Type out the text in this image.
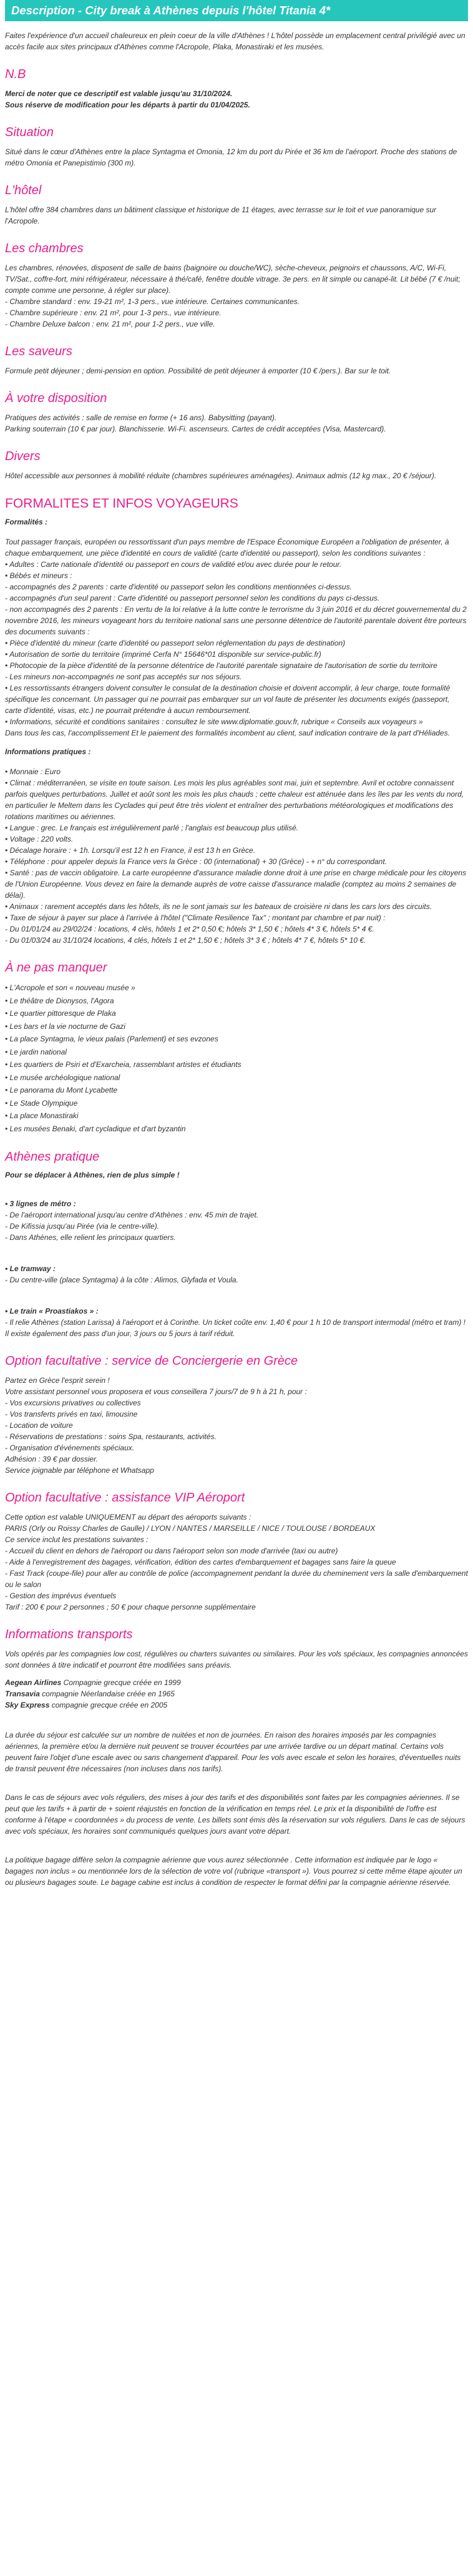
Description - City break à Athènes depuis l'hôtel Titania 4*

Faites l'expérience d'un accueil chaleureux en plein coeur de la ville d'Athènes ! L'hôtel possède un emplacement central privilégié avec un accès facile aux sites principaux d'Athènes comme l'Acropole, Plaka, Monastiraki et les musées.

N.B
Merci de noter que ce descriptif est valable jusqu'au 31/10/2024.
Sous réserve de modification pour les départs à partir du 01/04/2025.
Situation

Situé dans le cœur d'Athènes entre la place Syntagma et Omonia, 12 km du port du Pirée et 36 km de l'aéroport. Proche des stations de métro Omonia et Panepistimio (300 m).

L'hôtel

L'hôtel offre 384 chambres dans un bâtiment classique et historique de 11 étages, avec terrasse sur le toit et vue panoramique sur l'Acropole.

Les chambres
Les chambres, rénovées, disposent de salle de bains (baignoire ou douche/WC), sèche-cheveux, peignoirs et chaussons, A/C, Wi-Fi, TV/Sat., coffre-fort, mini réfrigérateur, nécessaire à thé/café, fenêtre double vitrage. 3e pers. en lit simple ou canapé-lit. Lit bébé (7 € /nuit; compte comme une personne, à régler sur place).
- Chambre standard : env. 19-21 m², 1-3 pers., vue intérieure. Certaines communicantes.
- Chambre supérieure : env. 21 m², pour 1-3 pers., vue intérieure.
- Chambre Deluxe balcon : env. 21 m², pour 1-2 pers., vue ville.
Les saveurs

Formule petit déjeuner ; demi-pension en option. Possibilité de petit déjeuner à emporter (10 € /pers.). Bar sur le toit.

À votre disposition
Pratiques des activités : salle de remise en forme (+ 16 ans). Babysitting (payant).
Parking souterrain (10 € par jour). Blanchisserie. Wi-Fi. ascenseurs. Cartes de crédit acceptées (Visa, Mastercard).
Divers

Hôtel accessible aux personnes à mobilité réduite (chambres supérieures aménagées). Animaux admis (12 kg max., 20 € /séjour).

FORMALITES ET INFOS VOYAGEURS
Formalités :
Tout passager français, européen ou ressortissant d'un pays membre de l'Espace Économique Européen a l'obligation de présenter, à chaque embarquement, une pièce d'identité en cours de validité (carte d'identité ou passeport), selon les conditions suivantes :
• Adultes : Carte nationale d'identité ou passeport en cours de validité et/ou avec durée pour le retour.
• Bébés et mineurs :
- accompagnés des 2 parents : carte d'identité ou passeport selon les conditions mentionnées ci-dessus.
- accompagnés d'un seul parent : Carte d'identité ou passeport personnel selon les conditions du pays ci-dessus.
- non accompagnés des 2 parents : En vertu de la loi relative à la lutte contre le terrorisme du 3 juin 2016 et du décret gouvernemental du 2 novembre 2016, les mineurs voyageant hors du territoire national sans une personne détentrice de l'autorité parentale doivent être porteurs des documents suivants :
• Pièce d'identité du mineur (carte d'identité ou passeport selon réglementation du pays de destination)
• Autorisation de sortie du territoire (imprimé Cerfa N° 15646*01 disponible sur service-public.fr)
• Photocopie de la pièce d'identité de la personne détentrice de l'autorité parentale signataire de l'autorisation de sortie du territoire
- Les mineurs non-accompagnés ne sont pas acceptés sur nos séjours.
• Les ressortissants étrangers doivent consulter le consulat de la destination choisie et doivent accomplir, à leur charge, toute formalité spécifique les concernant. Un passager qui ne pourrait pas embarquer sur un vol faute de présenter les documents exigés (passeport, carte d'identité, visas, etc.) ne pourrait prétendre à aucun remboursement.
• Informations, sécurité et conditions sanitaires : consultez le site www.diplomatie.gouv.fr, rubrique « Conseils aux voyageurs »
Dans tous les cas, l'accomplissement Et le paiement des formalités incombent au client, sauf indication contraire de la part d'Héliades.
Informations pratiques :
• Monnaie : Euro
• Climat : méditerranéen, se visite en toute saison. Les mois les plus agréables sont mai, juin et septembre. Avril et octobre connaissent parfois quelques perturbations. Juillet et août sont les mois les plus chauds ; cette chaleur est atténuée dans les îles par les vents du nord, en particulier le Meltem dans les Cyclades qui peut être très violent et entraîner des perturbations météorologiques et modifications des rotations maritimes ou aériennes.
• Langue : grec. Le français est irrégulièrement parlé ; l'anglais est beaucoup plus utilisé.
• Voltage : 220 volts.
• Décalage horaire : + 1h. Lorsqu'il est 12 h en France, il est 13 h en Grèce.
• Téléphone : pour appeler depuis la France vers la Grèce : 00 (international) + 30 (Grèce) - + n° du correspondant.
• Santé : pas de vaccin obligatoire. La carte européenne d'assurance maladie donne droit à une prise en charge médicale pour les citoyens de l'Union Européenne. Vous devez en faire la demande auprès de votre caisse d'assurance maladie (comptez au moins 2 semaines de délai).
• Animaux : rarement acceptés dans les hôtels, ils ne le sont jamais sur les bateaux de croisière ni dans les cars lors des circuits.
• Taxe de séjour à payer sur place à l'arrivée à l'hôtel ("Climate Resilience Tax" ; montant par chambre et par nuit) :
- Du 01/01/24 au 29/02/24 : locations, 4 clés, hôtels 1 et 2* 0,50 €; hôtels 3* 1,50 € ; hôtels 4* 3 €, hôtels 5* 4 €.
- Du 01/03/24 au 31/10/24 locations, 4 clés, hôtels 1 et 2* 1,50 € ; hôtels 3* 3 € ; hôtels 4* 7 €, hôtels 5* 10 €.
À ne pas manquer
• L'Acropole et son « nouveau musée »
• Le théâtre de Dionysos, l'Agora
• Le quartier pittoresque de Plaka
• Les bars et la vie nocturne de Gazi
• La place Syntagma, le vieux palais (Parlement) et ses evzones
• Le jardin national
• Les quartiers de Psiri et d'Exarcheia, rassemblant artistes et étudiants
• Le musée archéologique national
• Le panorama du Mont Lycabette
• Le Stade Olympique
• La place Monastiraki
• Les musées Benaki, d'art cycladique et d'art byzantin
Athènes pratique
Pour se déplacer à Athènes, rien de plus simple !
• 3 lignes de métro :
- De l'aéroport international jusqu'au centre d'Athènes : env. 45 min de trajet.
- De Kifissia jusqu'au Pirée (via le centre-ville).
- Dans Athènes, elle relient les principaux quartiers.
• Le tramway :
- Du centre-ville (place Syntagma) à la côte : Alimos, Glyfada et Voula.
• Le train « Proastiakos » :
- Il relie Athènes (station Larissa) à l'aéroport et à Corinthe. Un ticket coûte env. 1,40 € pour 1 h 10 de transport intermodal (métro et tram) ! Il existe également des pass d'un jour, 3 jours ou 5 jours à tarif réduit.
Option facultative : service de Conciergerie en Grèce
Partez en Grèce l'esprit serein !
Votre assistant personnel vous proposera et vous conseillera 7 jours/7 de 9 h à 21 h, pour :
- Vos excursions privatives ou collectives
- Vos transferts privés en taxi, limousine
- Location de voiture
- Réservations de prestations : soins Spa, restaurants, activités.
- Organisation d'événements spéciaux.
Adhésion : 39 € par dossier.
Service joignable par téléphone et Whatsapp
Option facultative : assistance VIP Aéroport
Cette option est valable UNIQUEMENT au départ des aéroports suivants :
PARIS (Orly ou Roissy Charles de Gaulle) / LYON / NANTES / MARSEILLE / NICE / TOULOUSE / BORDEAUX
Ce service inclut les prestations suivantes :
- Accueil du client en dehors de l'aéroport ou dans l'aéroport selon son mode d'arrivée (taxi ou autre)
- Aide à l'enregistrement des bagages, vérification, édition des cartes d'embarquement et bagages sans faire la queue
- Fast Track (coupe-file) pour aller au contrôle de police (accompagnement pendant la durée du cheminement vers la salle d'embarquement ou le salon
- Gestion des imprévus éventuels
Tarif : 200 € pour 2 personnes ; 50 € pour chaque personne supplémentaire
Informations transports

Vols opérés par les compagnies low cost, régulières ou charters suivantes ou similaires. Pour les vols spéciaux, les compagnies annoncées sont données à titre indicatif et pourront être modifiées sans préavis.

Aegean Airlines Compagnie grecque créée en 1999
Transavia compagnie Néerlandaise créée en 1965
Sky Express compagnie grecque créée en 2005

La durée du séjour est calculée sur un nombre de nuitées et non de journées. En raison des horaires imposés par les compagnies aériennes, la première et/ou la dernière nuit peuvent se trouver écourtées par une arrivée tardive ou un départ matinal. Certains vols peuvent faire l'objet d'une escale avec ou sans changement d'appareil. Pour les vols avec escale et selon les horaires, d'éventuelles nuits de transit peuvent être nécessaires (non incluses dans nos tarifs).

Dans le cas de séjours avec vols réguliers, des mises à jour des tarifs et des disponibilités sont faites par les compagnies aériennes. Il se peut que les tarifs + à partir de + soient réajustés en fonction de la vérification en temps réel. Le prix et la disponibilité de l'offre est conforme à l'étape « coordonnées » du process de vente. Les billets sont émis dès la réservation sur vols réguliers. Dans le cas de séjours avec vols spéciaux, les horaires sont communiqués quelques jours avant votre départ.

La politique bagage diffère selon la compagnie aérienne que vous aurez sélectionnée . Cette information est indiquée par le logo « bagages non inclus » ou mentionnée lors de la sélection de votre vol (rubrique «transport »). Vous pourrez si cette même étape ajouter un ou plusieurs bagages soute. Le bagage cabine est inclus à condition de respecter le format défini par la compagnie aérienne réservée.
